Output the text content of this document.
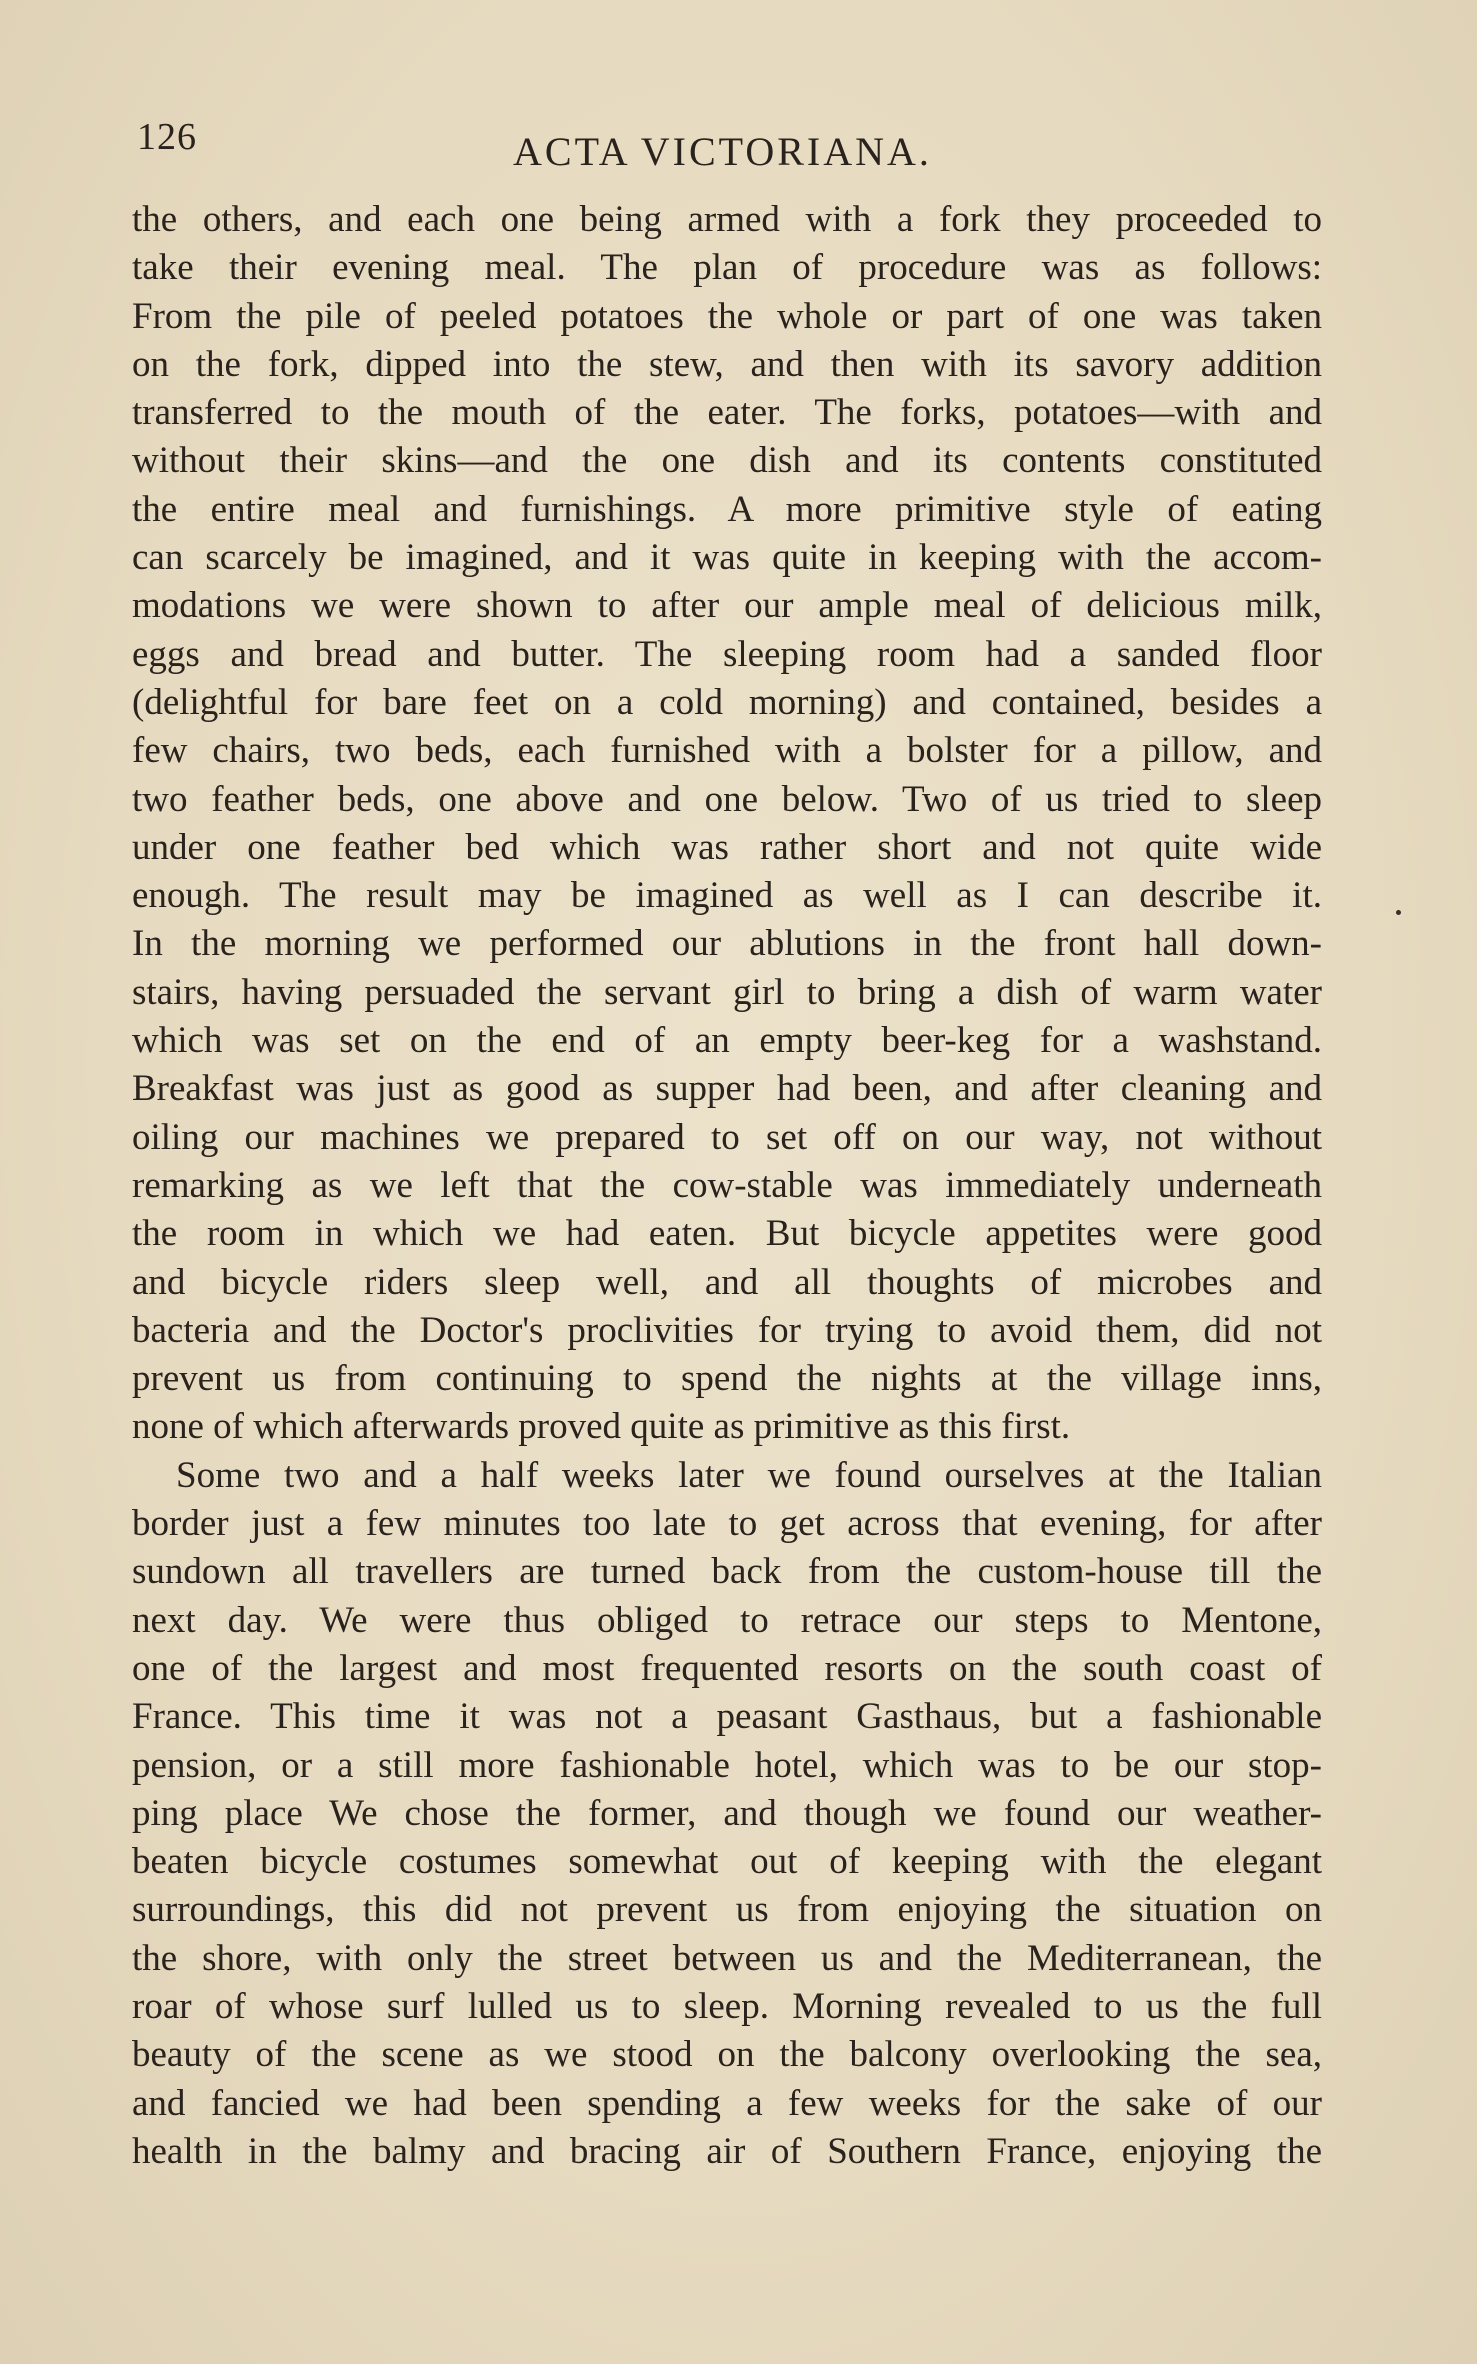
126	ACTA VICTORIANA.
the others, and each one being armed with a fork they proceeded to
take their evening meal. The plan of procedure was as follows:
From the pile of peeled potatoes the whole or part of one was taken
on the fork, dipped into the stew, and then with its savory addition
transferred to the mouth of the eater. The forks, potatoes—with and
without their skins—and the one dish and its contents constituted
the entire meal and furnishings. A more primitive style of eating
can scarcely be imagined, and it was quite in keeping with the accom-
modations we were shown to after our ample meal of delicious milk,
eggs and bread and butter. The sleeping room had a sanded floor
(delightful for bare feet on a cold morning) and contained, besides a
few chairs, two beds, each furnished with a bolster for a pillow, and
two feather beds, one above and one below. Two of us tried to sleep
under one feather bed which was rather short and not quite wide
enough. The result may be imagined as well as I can describe it.
In the morning we performed our ablutions in the front hall down-
stairs, having persuaded the servant girl to bring a dish of warm water
which was set on the end of an empty beer-keg for a washstand.
Breakfast was just as good as supper had been, and after cleaning and
oiling our machines we prepared to set off on our way, not without
remarking as we left that the cow-stable was immediately underneath
the room in which we had eaten. But bicycle appetites were good
and bicycle riders sleep well, and all thoughts of microbes and
bacteria and the Doctor's proclivities for trying to avoid them, did not
prevent us from continuing to spend the nights at the village inns,
none of which afterwards proved quite as primitive as this first.
Some two and a half weeks later we found ourselves at the Italian
border just a few minutes too late to get across that evening, for after
sundown all travellers are turned back from the custom-house till the
next day. We were thus obliged to retrace our steps to Mentone,
one of the largest and most frequented resorts on the south coast of
France. This time it was not a peasant Gasthaus, but a fashionable
pension, or a still more fashionable hotel, which was to be our stop-
ping place We chose the former, and though we found our weather-
beaten bicycle costumes somewhat out of keeping with the elegant
surroundings, this did not prevent us from enjoying the situation on
the shore, with only the street between us and the Mediterranean, the
roar of whose surf lulled us to sleep. Morning revealed to us the full
beauty of the scene as we stood on the balcony overlooking the sea,
and fancied we had been spending a few weeks for the sake of our
health in the balmy and bracing air of Southern France, enjoying the
